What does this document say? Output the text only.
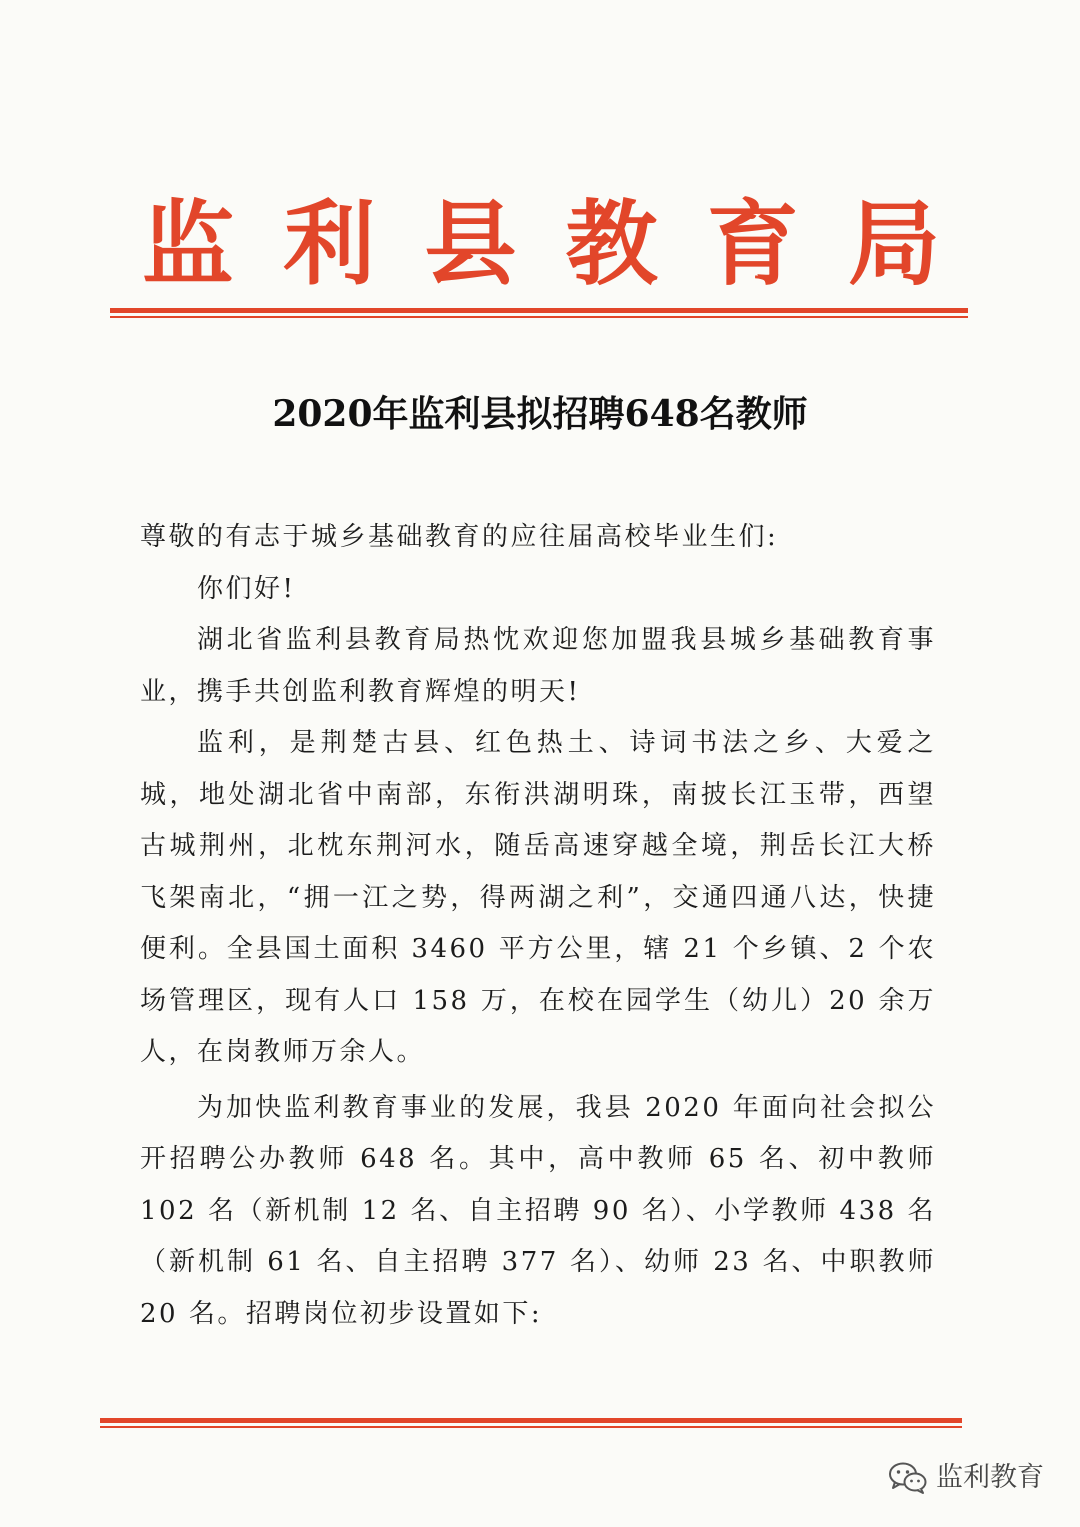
监 利 县 教 育 局
2020年监利县拟招聘648名教师

尊敬的有志于城乡基础教育的应往届高校毕业生们:

你们好!

湖北省监利县教育局热忱欢迎您加盟我县城乡基础教育事业，携手共创监利教育辉煌的明天!

监利，是荆楚古县、红色热土、诗词书法之乡、大爱之城，地处湖北省中南部，东衔洪湖明珠，南披长江玉带，西望古城荆州，北枕东荆河水，随岳高速穿越全境，荆岳长江大桥飞架南北，“拥一江之势，得两湖之利”，交通四通八达，快捷便利。全县国土面积 3460 平方公里，辖 21 个乡镇、2 个农场管理区，现有人口 158 万，在校在园学生（幼儿）20 余万人，在岗教师万余人。

为加快监利教育事业的发展，我县 2020 年面向社会拟公开招聘公办教师 648 名。其中，高中教师 65 名、初中教师 102 名（新机制 12 名、自主招聘 90 名）、小学教师 438 名（新机制 61 名、自主招聘 377 名）、幼师 23 名、中职教师 20 名。招聘岗位初步设置如下:

监利教育
